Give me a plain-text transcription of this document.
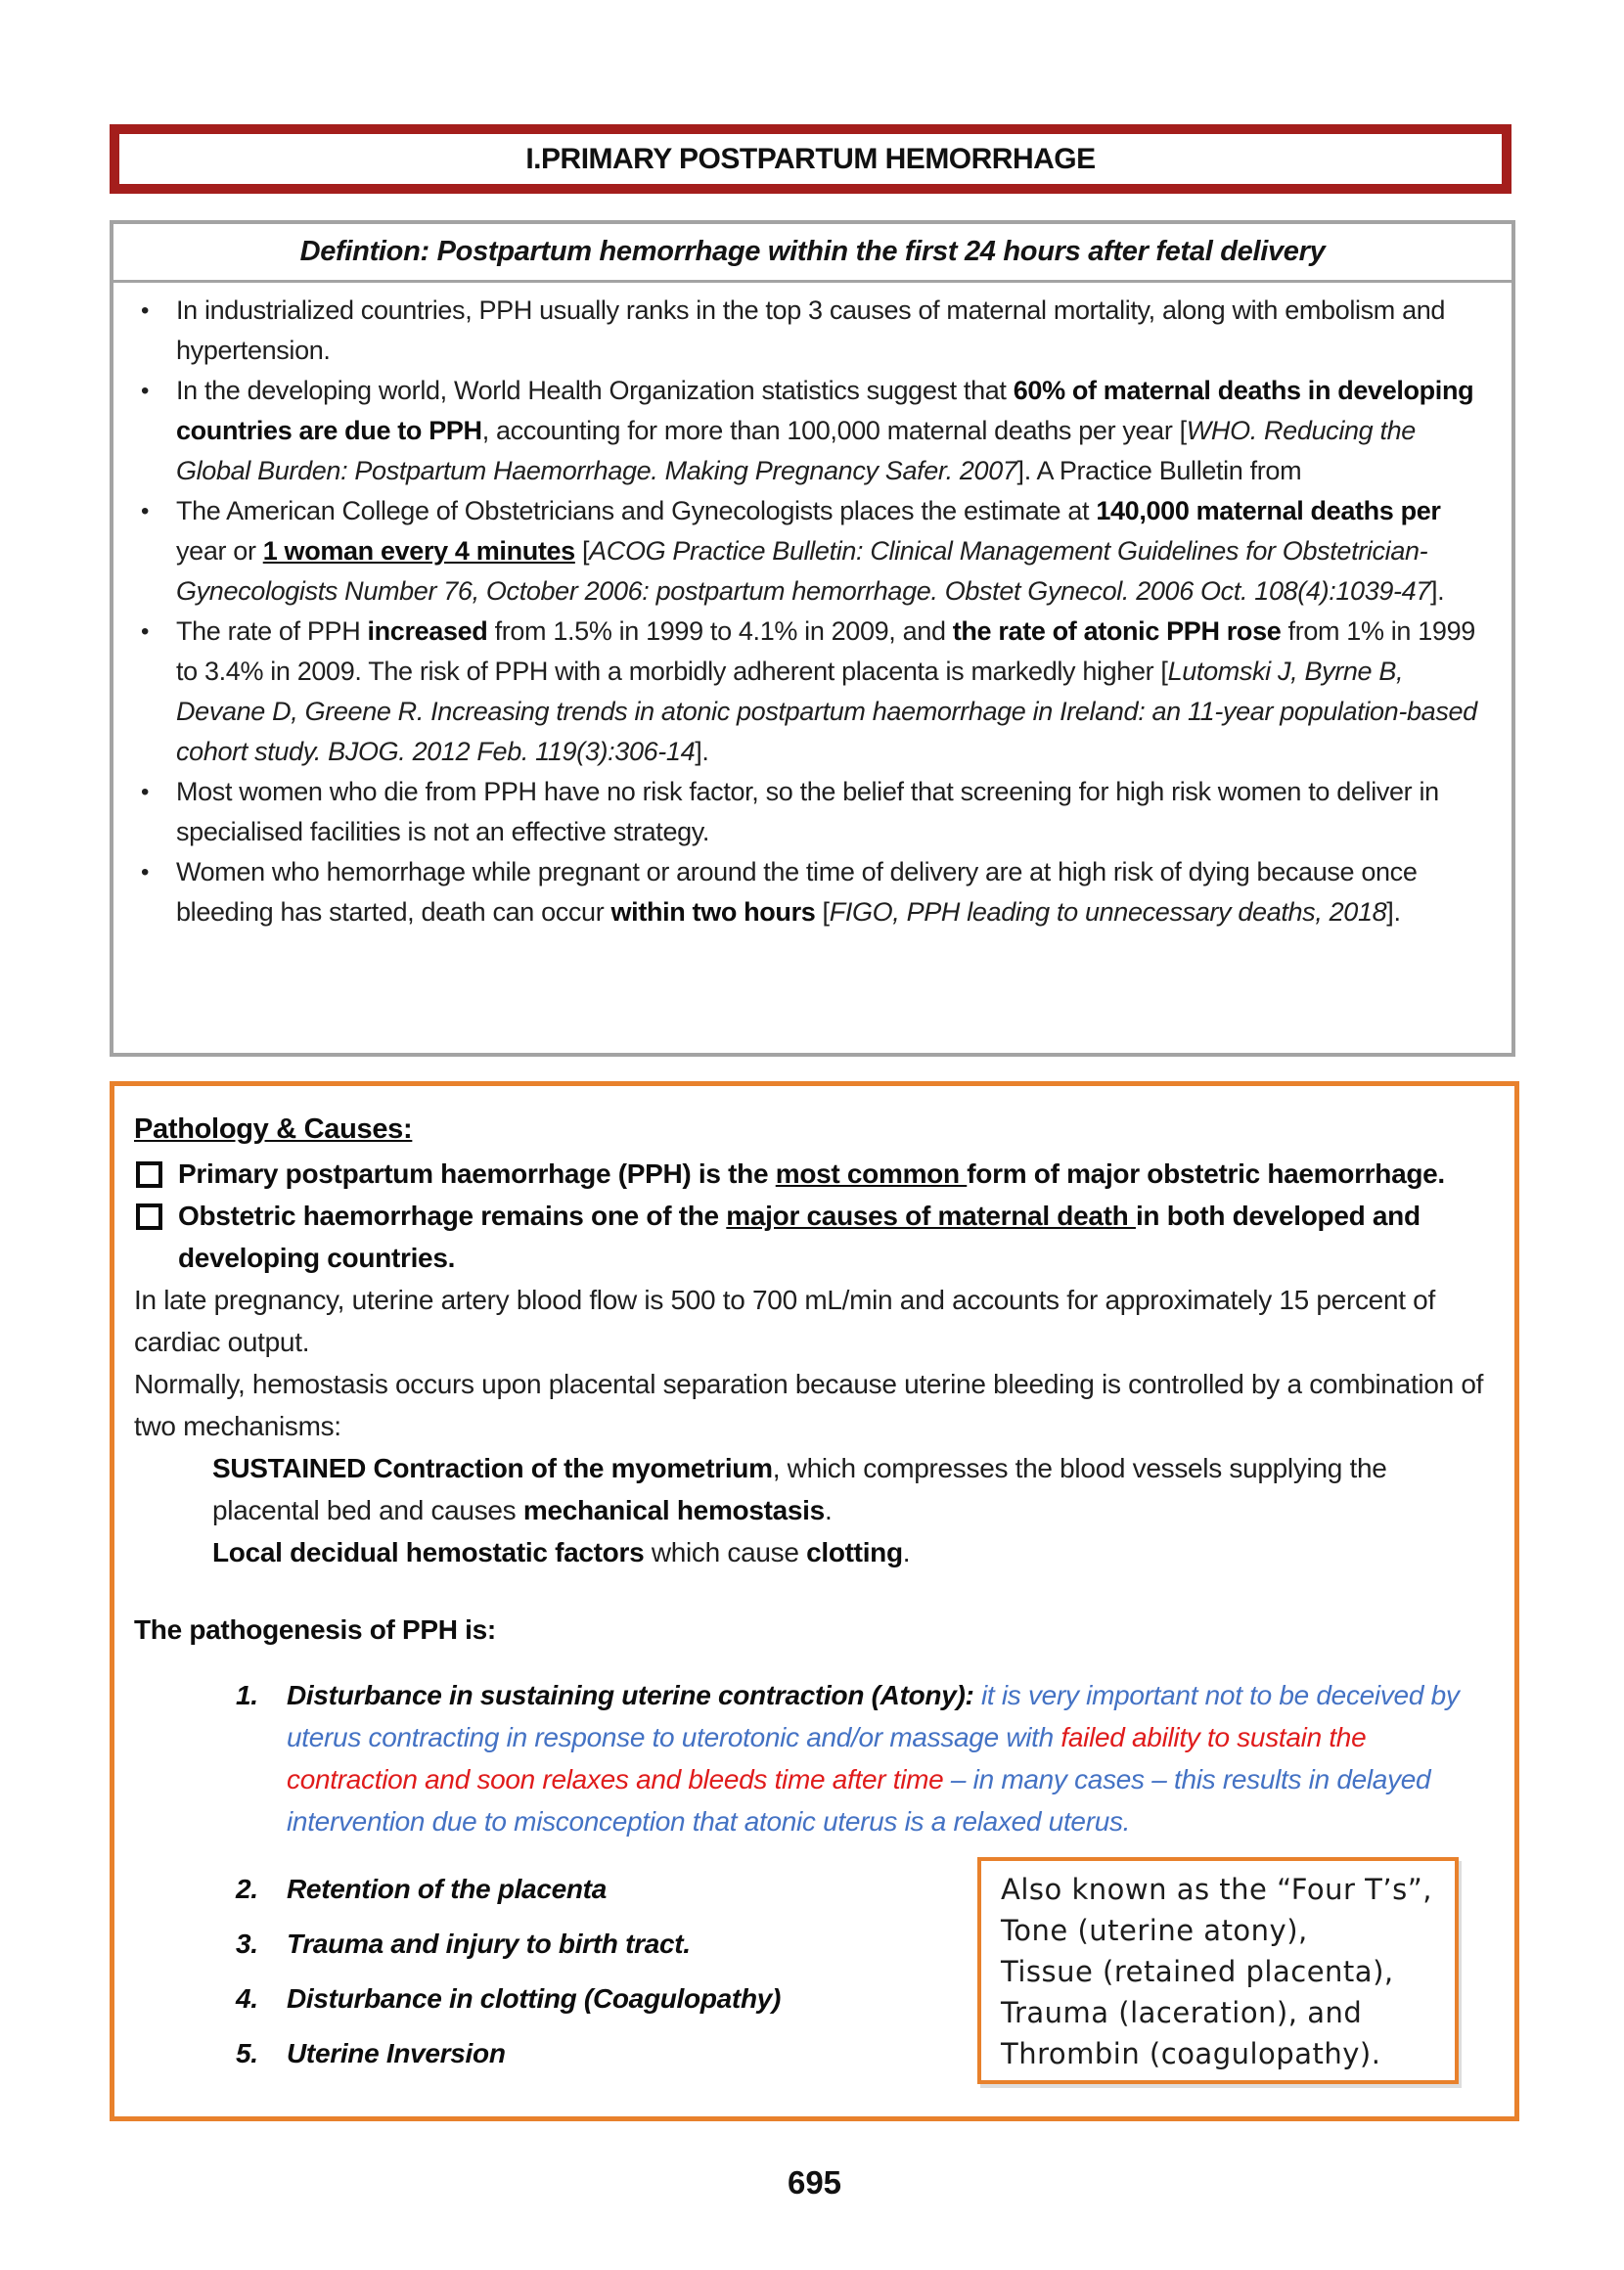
I.PRIMARY POSTPARTUM HEMORRHAGE
Defintion: Postpartum hemorrhage within the first 24 hours after fetal delivery
•	In industrialized countries, PPH usually ranks in the top 3 causes of maternal mortality, along with embolism and hypertension.
•	In the developing world, World Health Organization statistics suggest that 60% of maternal deaths in developing countries are due to PPH, accounting for more than 100,000 maternal deaths per year [WHO. Reducing the Global Burden: Postpartum Haemorrhage. Making Pregnancy Safer. 2007]. A Practice Bulletin from
•	The American College of Obstetricians and Gynecologists places the estimate at 140,000 maternal deaths per year or 1 woman every 4 minutes [ACOG Practice Bulletin: Clinical Management Guidelines for Obstetrician-Gynecologists Number 76, October 2006: postpartum hemorrhage. Obstet Gynecol. 2006 Oct. 108(4):1039-47].
•	The rate of PPH increased from 1.5% in 1999 to 4.1% in 2009, and the rate of atonic PPH rose from 1% in 1999 to 3.4% in 2009. The risk of PPH with a morbidly adherent placenta is markedly higher [Lutomski J, Byrne B, Devane D, Greene R. Increasing trends in atonic postpartum haemorrhage in Ireland: an 11-year population-based cohort study. BJOG. 2012 Feb. 119(3):306-14].
•	Most women who die from PPH have no risk factor, so the belief that screening for high risk women to deliver in specialised facilities is not an effective strategy.
•	Women who hemorrhage while pregnant or around the time of delivery are at high risk of dying because once bleeding has started, death can occur within two hours [FIGO, PPH leading to unnecessary deaths, 2018].
Pathology & Causes:
Primary postpartum haemorrhage (PPH) is the most common form of major obstetric haemorrhage.
Obstetric haemorrhage remains one of the major causes of maternal death in both developed and developing countries.

In late pregnancy, uterine artery blood flow is 500 to 700 mL/min and accounts for approximately 15 percent of cardiac output.

Normally, hemostasis occurs upon placental separation because uterine bleeding is controlled by a combination of two mechanisms:

SUSTAINED Contraction of the myometrium, which compresses the blood vessels supplying the placental bed and causes mechanical hemostasis.

Local decidual hemostatic factors which cause clotting.

The pathogenesis of PPH is:
1.	Disturbance in sustaining uterine contraction (Atony): it is very important not to be deceived by uterus contracting in response to uterotonic and/or massage with failed ability to sustain the contraction and soon relaxes and bleeds time after time – in many cases – this results in delayed intervention due to misconception that atonic uterus is a relaxed uterus.
2.	Retention of the placenta
3.	Trauma and injury to birth tract.
4.	Disturbance in clotting (Coagulopathy)
5.	Uterine Inversion
Also known as the “Four T’s”,
Tone (uterine atony),
Tissue (retained placenta),
Trauma (laceration), and
Thrombin (coagulopathy).
695
